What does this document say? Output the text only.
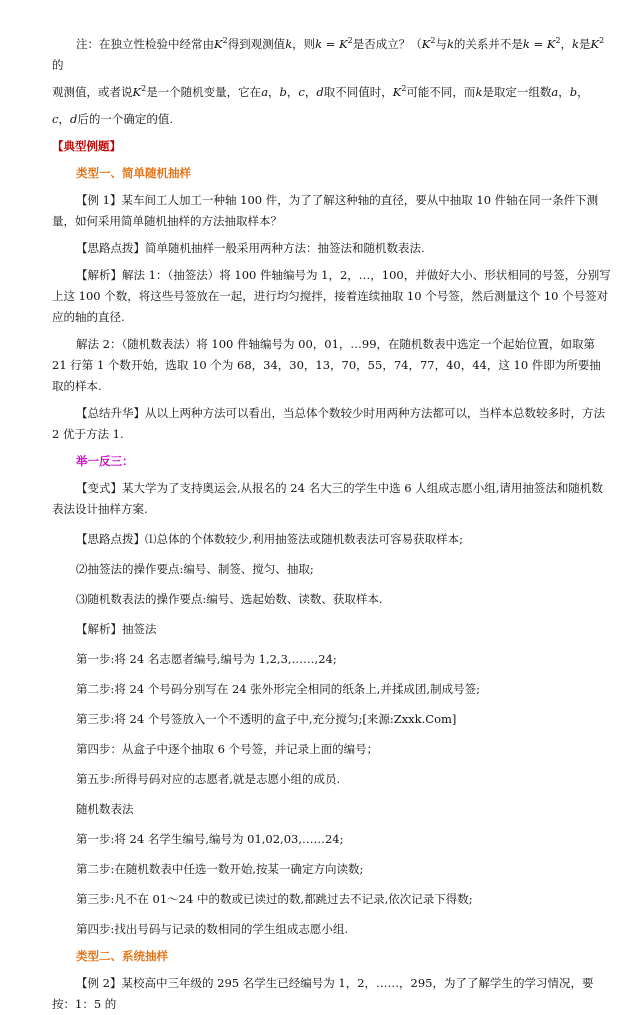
注：在独立性检验中经常由$K^2$得到观测值k，则$k = K^2$是否成立？（$K^2$与k的关系并不是$k = K^2$，k是$K^2$的

观测值，或者说$K^2$是一个随机变量，它在a，b，c，d取不同值时，$K^2$可能不同，而k是取定一组数a，b，

c，d后的一个确定的值.

【典型例题】

类型一、简单随机抽样

【例 1】某车间工人加工一种轴 100 件，为了了解这种轴的直径，要从中抽取 10 件轴在同一条件下测量，如何采用简单随机抽样的方法抽取样本？

【思路点拨】简单随机抽样一般采用两种方法：抽签法和随机数表法.

【解析】解法 1：（抽签法）将 100 件轴编号为 1，2，…，100，并做好大小、形状相同的号签，分别写上这 100 个数，将这些号签放在一起，进行均匀搅拌，接着连续抽取 10 个号签，然后测量这个 10 个号签对应的轴的直径.

解法 2：（随机数表法）将 100 件轴编号为 00，01，…99，在随机数表中选定一个起始位置，如取第 21 行第 1 个数开始，选取 10 个为 68，34，30，13，70，55，74，77，40，44，这 10 件即为所要抽取的样本.

【总结升华】从以上两种方法可以看出，当总体个数较少时用两种方法都可以，当样本总数较多时，方法 2 优于方法 1.

举一反三：

【变式】某大学为了支持奥运会,从报名的 24 名大三的学生中选 6 人组成志愿小组,请用抽签法和随机数表法设计抽样方案.

【思路点拨】⑴总体的个体数较少,利用抽签法或随机数表法可容易获取样本;

⑵抽签法的操作要点:编号、制签、搅匀、抽取;

⑶随机数表法的操作要点:编号、选起始数、读数、获取样本.

【解析】抽签法

第一步:将 24 名志愿者编号,编号为 1,2,3,……,24;

第二步:将 24 个号码分别写在 24 张外形完全相同的纸条上,并揉成团,制成号签;

第三步:将 24 个号签放入一个不透明的盒子中,充分搅匀;[来源:Zxxk.Com]

第四步：从盒子中逐个抽取 6 个号签，并记录上面的编号；

第五步:所得号码对应的志愿者,就是志愿小组的成员.

随机数表法

第一步:将 24 名学生编号,编号为 01,02,03,……24;

第二步:在随机数表中任选一数开始,按某一确定方向读数;

第三步:凡不在 01～24 中的数或已读过的数,都跳过去不记录,依次记录下得数;

第四步:找出号码与记录的数相同的学生组成志愿小组.

类型二、系统抽样

【例 2】某校高中三年级的 295 名学生已经编号为 1，2，……，295，为了了解学生的学习情况，要按：1：5 的
